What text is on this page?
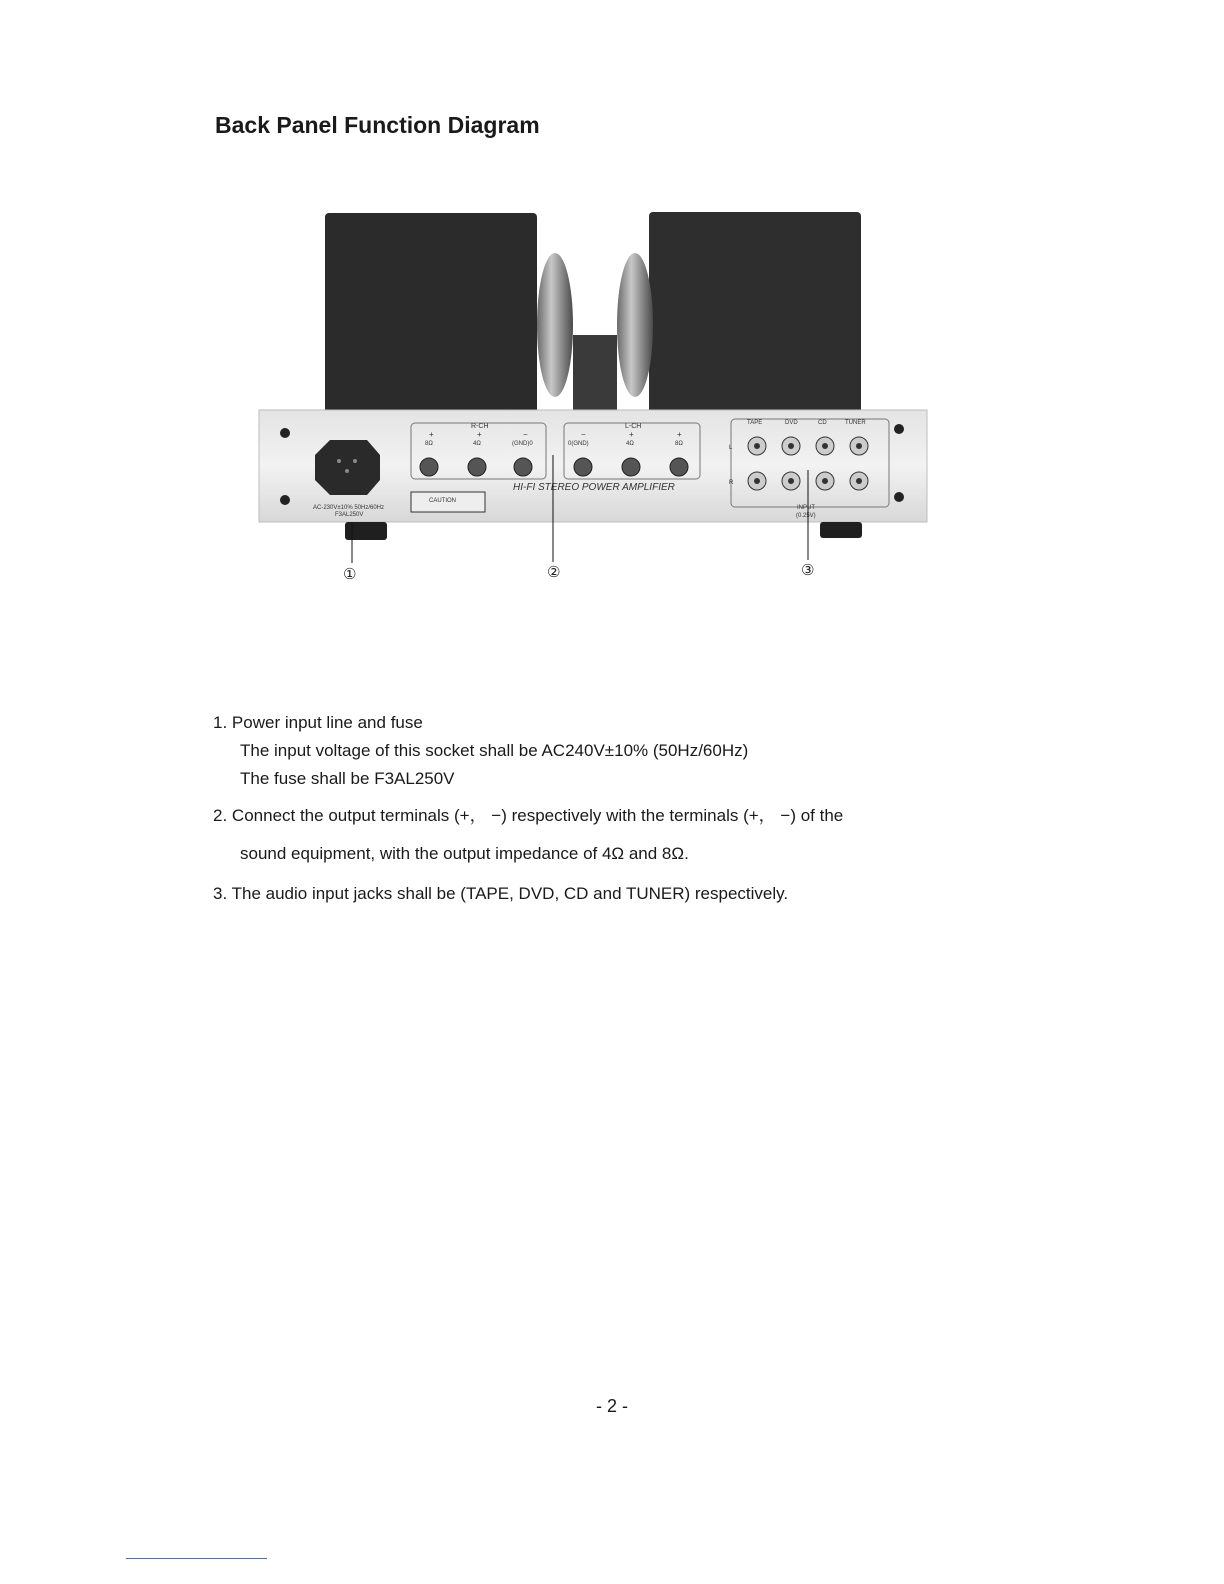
Back Panel Function Diagram
AC-230V±10% 50Hz/60Hz
F3AL250V
R-CH
+	+	−
8Ω	4Ω	(GND)0
L-CH
−	+	+
0(GND)	4Ω	8Ω
HI-FI STEREO POWER AMPLIFIER
CAUTION
TAPE	DVD	CD	TUNER
L
R
INPUT
(0.25V)
①	②	③
1. Power input line and fuse
The input voltage of this socket shall be AC240V±10% (50Hz/60Hz)
The fuse shall be F3AL250V
2. Connect the output terminals (+， −) respectively with the terminals (+， −) of the
sound equipment, with the output impedance of 4Ω and 8Ω.
3. The audio input jacks shall be (TAPE, DVD, CD and TUNER) respectively.
- 2 -
